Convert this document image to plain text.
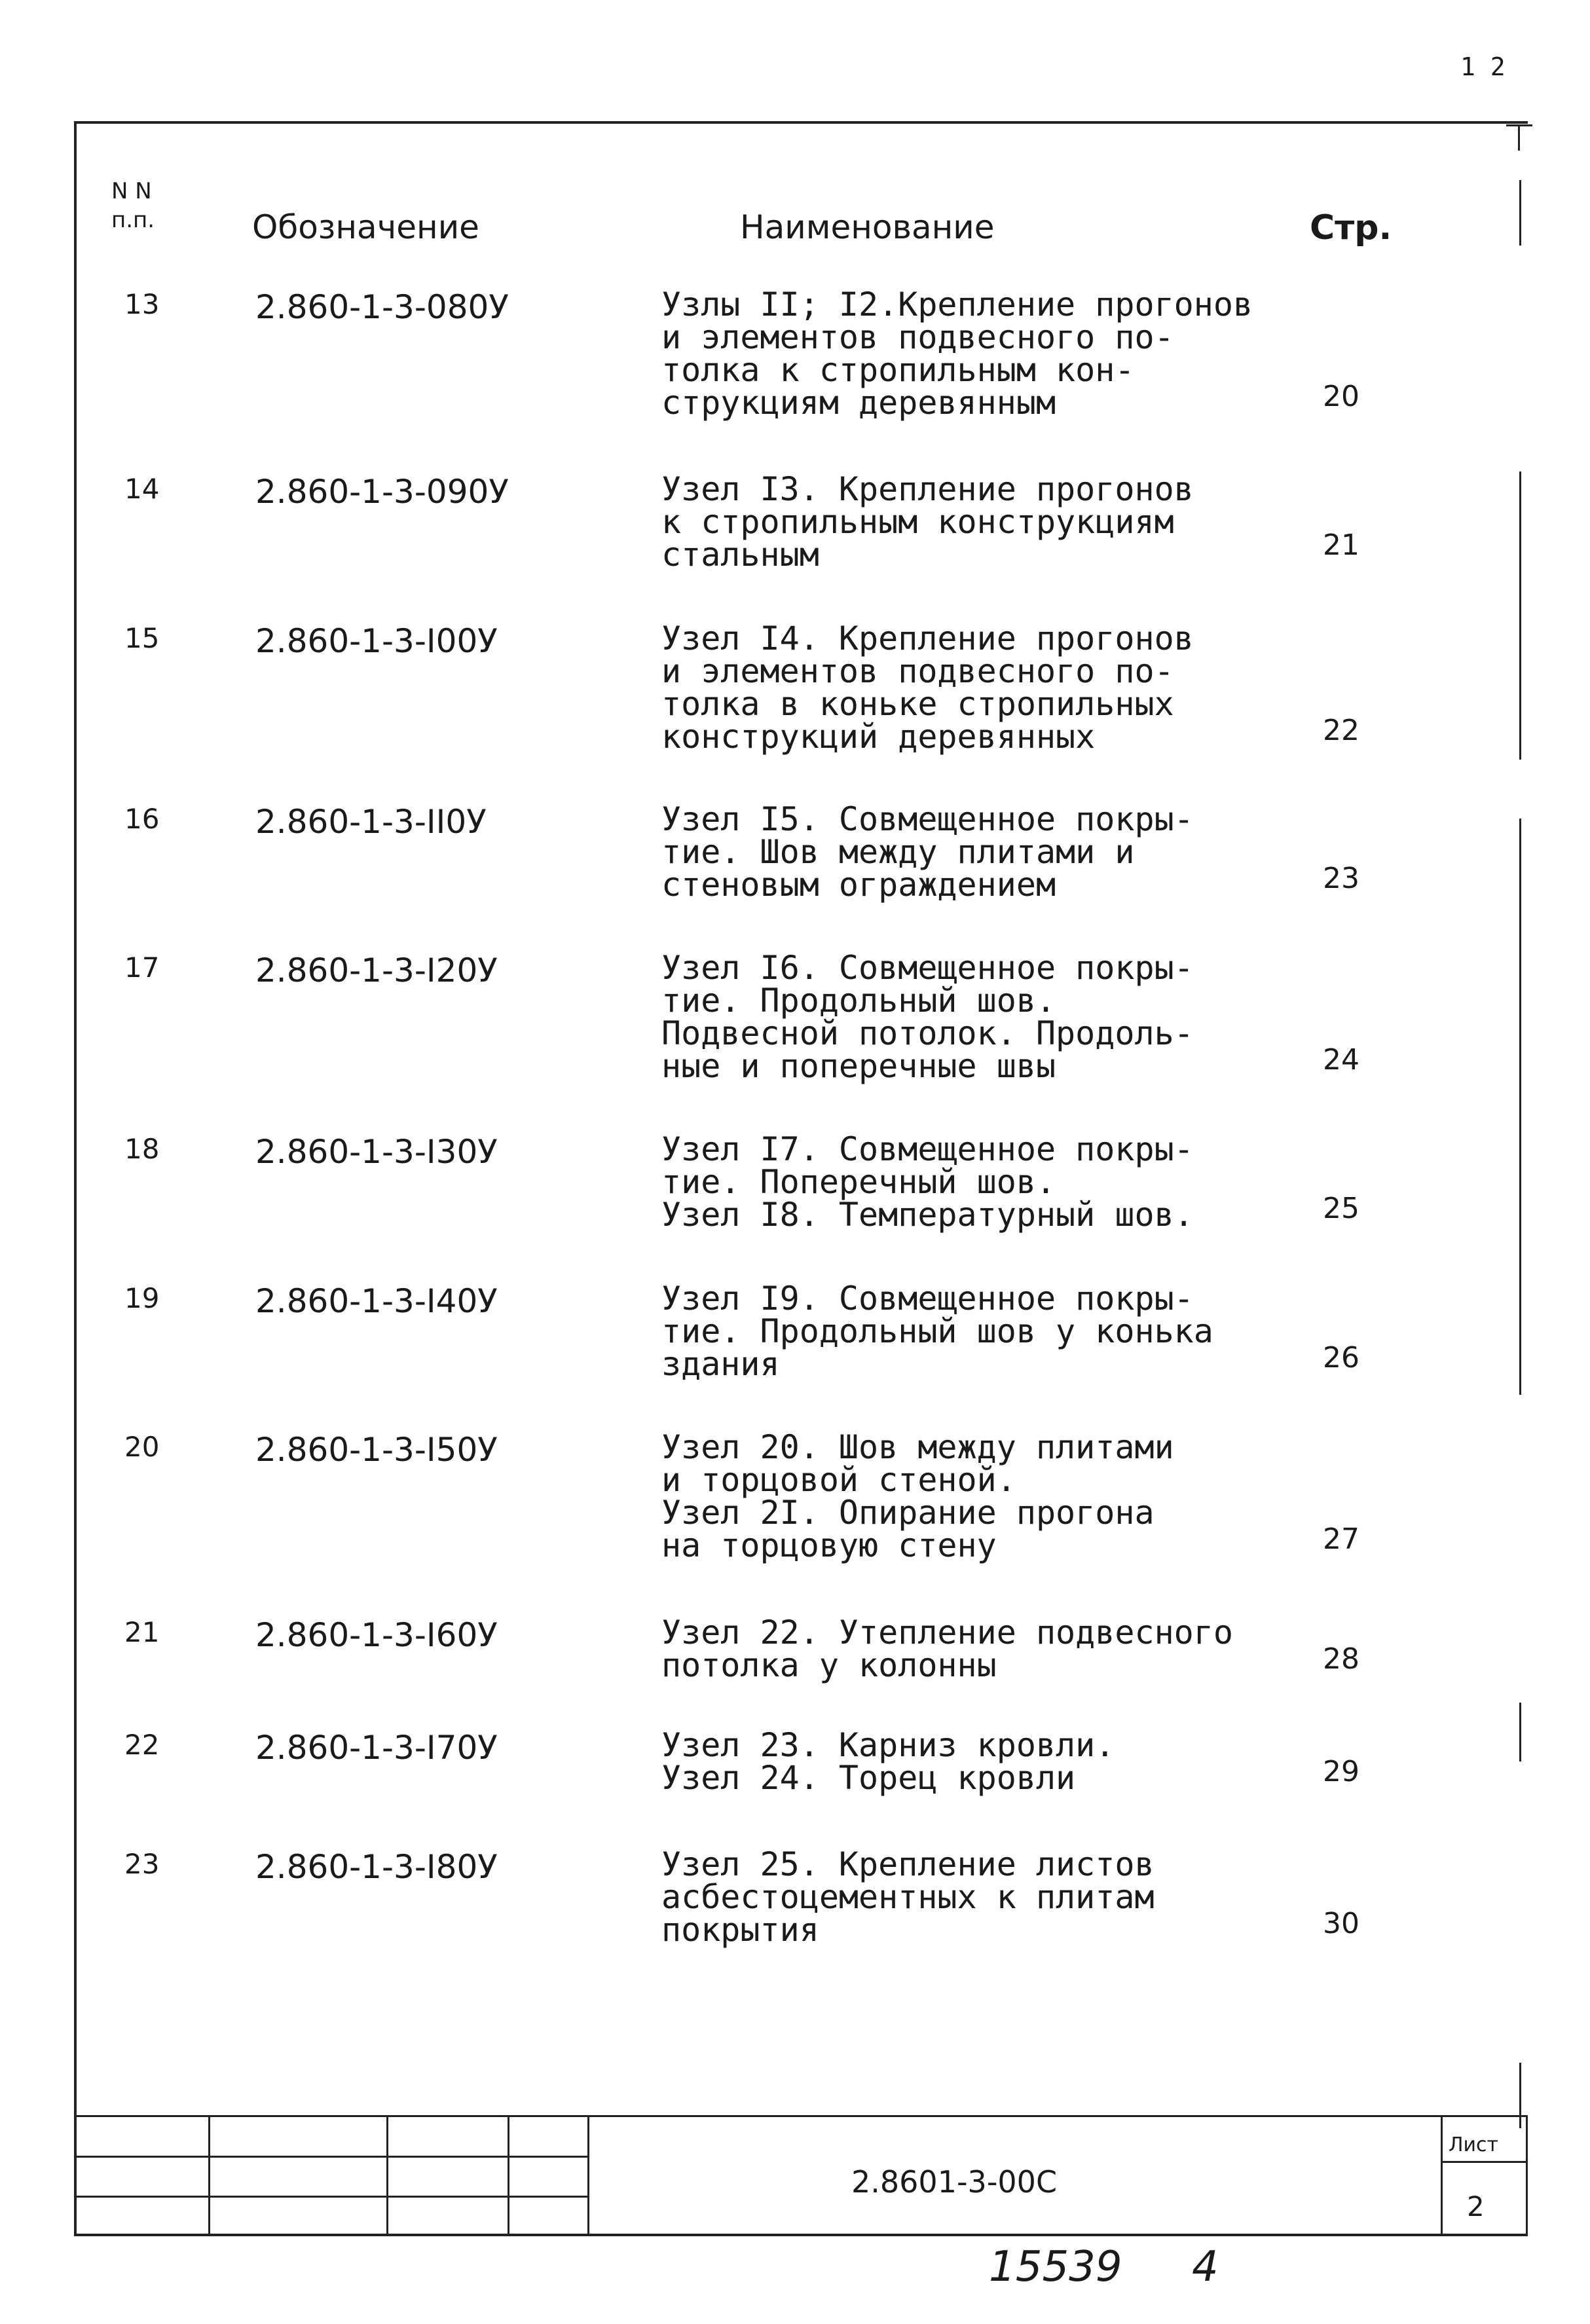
1 2
N N
п.п.	Обозначение	Наименование	Стр.
13	2.860-1-3-080У	Узлы II; I2.Крепление прогонов
и элементов подвесного по-
толка к стропильным кон-
струкциям деревянным	20
14	2.860-1-3-090У	Узел I3. Крепление прогонов
к стропильным конструкциям
стальным	21
15	2.860-1-3-I00У	Узел I4. Крепление прогонов
и элементов подвесного по-
толка в коньке стропильных
конструкций деревянных	22
16	2.860-1-3-II0У	Узел I5. Совмещенное покры-
тие. Шов между плитами и
стеновым ограждением	23
17	2.860-1-3-I20У	Узел I6. Совмещенное покры-
тие. Продольный шов.
Подвесной потолок. Продоль-
ные и поперечные швы	24
18	2.860-1-3-I30У	Узел I7. Совмещенное покры-
тие. Поперечный шов.
Узел I8. Температурный шов.	25
19	2.860-1-3-I40У	Узел I9. Совмещенное покры-
тие. Продольный шов у конька
здания	26
20	2.860-1-3-I50У	Узел 20. Шов между плитами
и торцовой стеной.
Узел 2I. Опирание прогона
на торцовую стену	27
21	2.860-1-3-I60У	Узел 22. Утепление подвесного
потолка у колонны	28
22	2.860-1-3-I70У	Узел 23. Карниз кровли.
Узел 24. Торец кровли	29
23	2.860-1-3-I80У	Узел 25. Крепление листов
асбестоцементных к плитам
покрытия	30
2.8601-3-00С
Лист
2
15539 4
